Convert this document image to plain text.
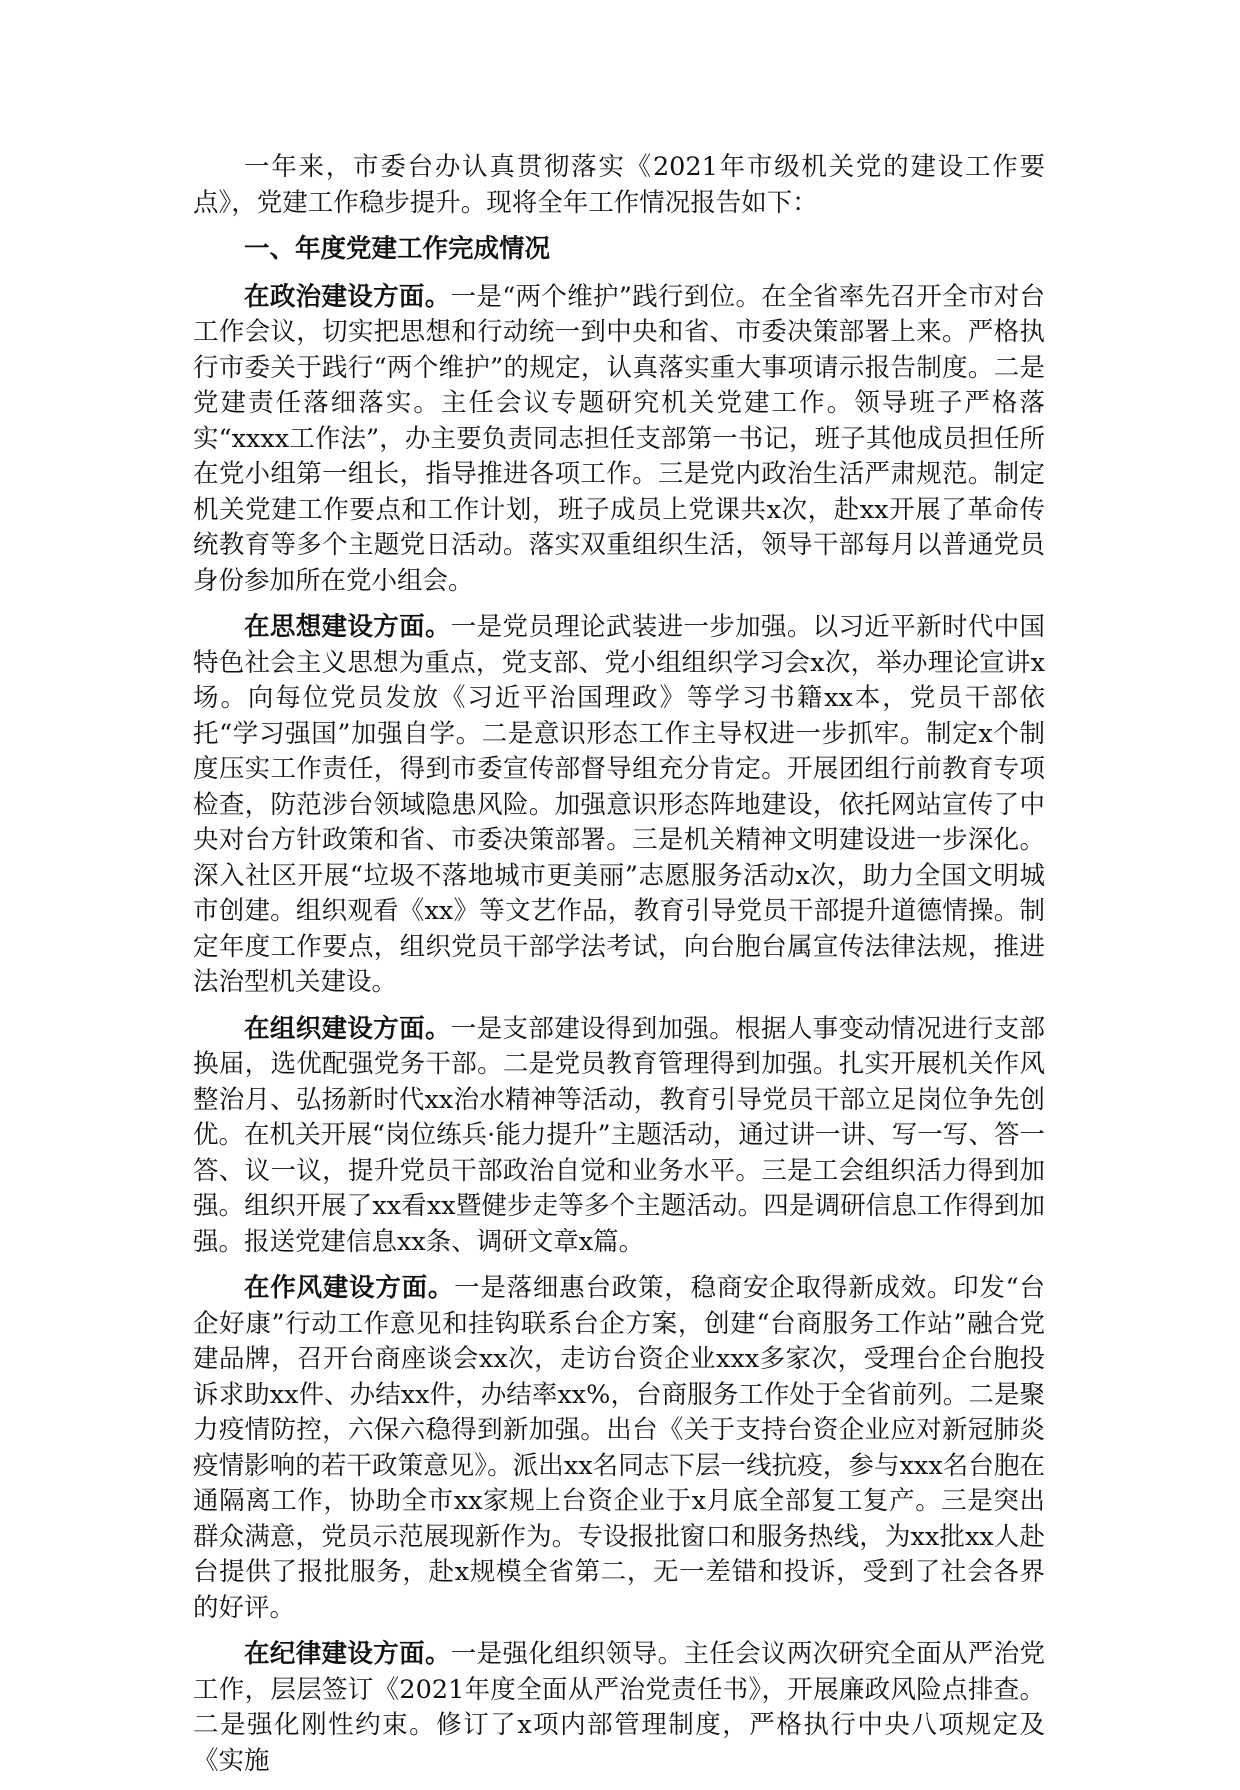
一年来，市委台办认真贯彻落实《2021年市级机关党的建设工作要点》，党建工作稳步提升。现将全年工作情况报告如下：

一、年度党建工作完成情况

在政治建设方面。一是“两个维护”践行到位。在全省率先召开全市对台工作会议，切实把思想和行动统一到中央和省、市委决策部署上来。严格执行市委关于践行“两个维护”的规定，认真落实重大事项请示报告制度。二是党建责任落细落实。主任会议专题研究机关党建工作。领导班子严格落实“xxxx工作法”，办主要负责同志担任支部第一书记，班子其他成员担任所在党小组第一组长，指导推进各项工作。三是党内政治生活严肃规范。制定机关党建工作要点和工作计划，班子成员上党课共x次，赴xx开展了革命传统教育等多个主题党日活动。落实双重组织生活，领导干部每月以普通党员身份参加所在党小组会。

在思想建设方面。一是党员理论武装进一步加强。以习近平新时代中国特色社会主义思想为重点，党支部、党小组组织学习会x次，举办理论宣讲x场。向每位党员发放《习近平治国理政》等学习书籍xx本，党员干部依托“学习强国”加强自学。二是意识形态工作主导权进一步抓牢。制定x个制度压实工作责任，得到市委宣传部督导组充分肯定。开展团组行前教育专项检查，防范涉台领域隐患风险。加强意识形态阵地建设，依托网站宣传了中央对台方针政策和省、市委决策部署。三是机关精神文明建设进一步深化。深入社区开展“垃圾不落地城市更美丽”志愿服务活动x次，助力全国文明城市创建。组织观看《xx》等文艺作品，教育引导党员干部提升道德情操。制定年度工作要点，组织党员干部学法考试，向台胞台属宣传法律法规，推进法治型机关建设。

在组织建设方面。一是支部建设得到加强。根据人事变动情况进行支部换届，选优配强党务干部。二是党员教育管理得到加强。扎实开展机关作风整治月、弘扬新时代xx治水精神等活动，教育引导党员干部立足岗位争先创优。在机关开展“岗位练兵·能力提升”主题活动，通过讲一讲、写一写、答一答、议一议，提升党员干部政治自觉和业务水平。三是工会组织活力得到加强。组织开展了xx看xx暨健步走等多个主题活动。四是调研信息工作得到加强。报送党建信息xx条、调研文章x篇。

在作风建设方面。一是落细惠台政策，稳商安企取得新成效。印发“台企好康”行动工作意见和挂钩联系台企方案，创建“台商服务工作站”融合党建品牌，召开台商座谈会xx次，走访台资企业xxx多家次，受理台企台胞投诉求助xx件、办结xx件，办结率xx%，台商服务工作处于全省前列。二是聚力疫情防控，六保六稳得到新加强。出台《关于支持台资企业应对新冠肺炎疫情影响的若干政策意见》。派出xx名同志下层一线抗疫，参与xxx名台胞在通隔离工作，协助全市xx家规上台资企业于x月底全部复工复产。三是突出群众满意，党员示范展现新作为。专设报批窗口和服务热线，为xx批xx人赴台提供了报批服务，赴x规模全省第二，无一差错和投诉，受到了社会各界的好评。

在纪律建设方面。一是强化组织领导。主任会议两次研究全面从严治党工作，层层签订《2021年度全面从严治党责任书》，开展廉政风险点排查。二是强化刚性约束。修订了x项内部管理制度，严格执行中央八项规定及《实施
